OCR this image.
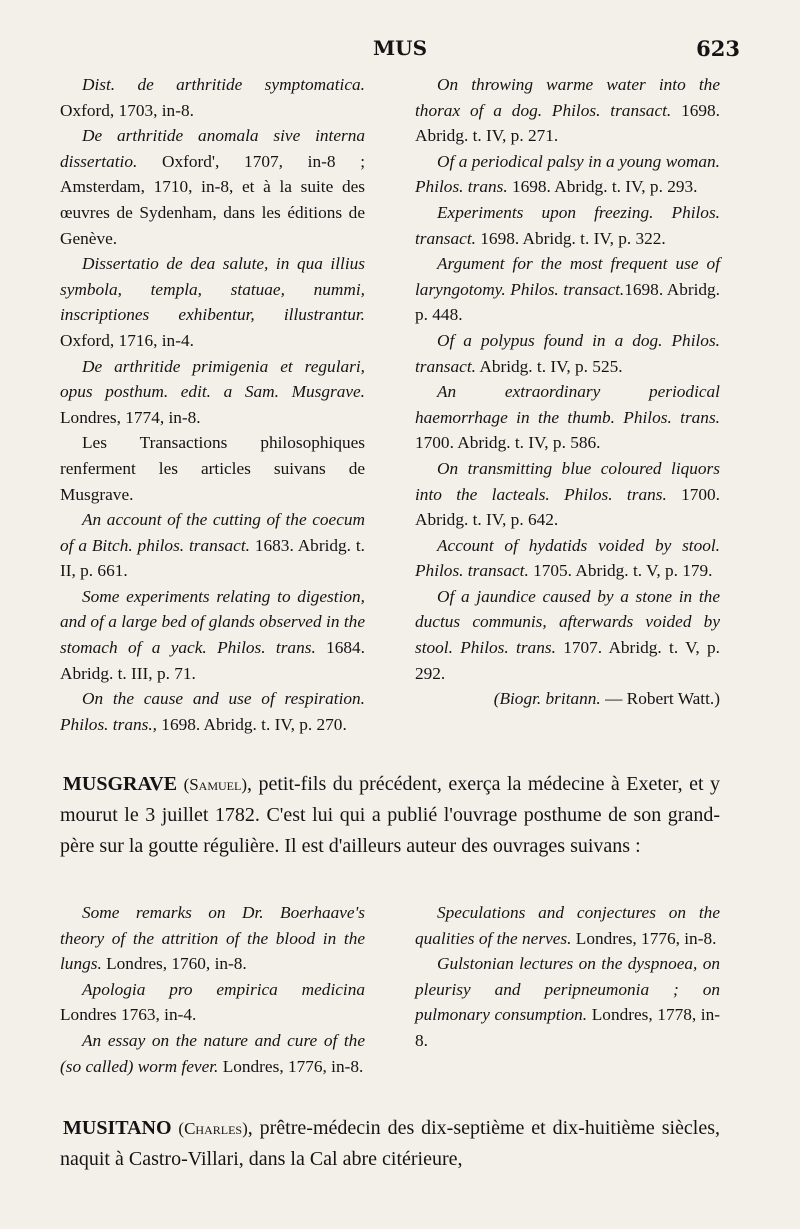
MUS	623

Dist. de arthritide symptomatica. Oxford, 1703, in-8.

De arthritide anomala sive interna dissertatio. Oxford', 1707, in-8 ; Amsterdam, 1710, in-8, et à la suite des œuvres de Sydenham, dans les éditions de Genève.

Dissertatio de dea salute, in qua illius symbola, templa, statuae, nummi, inscriptiones exhibentur, illustrantur. Oxford, 1716, in-4.

De arthritide primigenia et regulari, opus posthum. edit. a Sam. Musgrave. Londres, 1774, in-8.

Les Transactions philosophiques renferment les articles suivans de Musgrave.

An account of the cutting of the coecum of a Bitch. philos. transact. 1683. Abridg. t. II, p. 661.

Some experiments relating to digestion, and of a large bed of glands observed in the stomach of a yack. Philos. trans. 1684. Abridg. t. III, p. 71.

On the cause and use of respiration. Philos. trans., 1698. Abridg. t. IV, p. 270.

On throwing warme water into the thorax of a dog. Philos. transact. 1698. Abridg. t. IV, p. 271.

Of a periodical palsy in a young woman. Philos. trans. 1698. Abridg. t. IV, p. 293.

Experiments upon freezing. Philos. transact. 1698. Abridg. t. IV, p. 322.

Argument for the most frequent use of laryngotomy. Philos. transact.1698. Abridg. p. 448.

Of a polypus found in a dog. Philos. transact. Abridg. t. IV, p. 525.

An extraordinary periodical haemorrhage in the thumb. Philos. trans. 1700. Abridg. t. IV, p. 586.

On transmitting blue coloured liquors into the lacteals. Philos. trans. 1700. Abridg. t. IV, p. 642.

Account of hydatids voided by stool. Philos. transact. 1705. Abridg. t. V, p. 179.

Of a jaundice caused by a stone in the ductus communis, afterwards voided by stool. Philos. trans. 1707. Abridg. t. V, p. 292.

(Biogr. britann. — Robert Watt.)

MUSGRAVE (Samuel), petit-fils du précédent, exerça la médecine à Exeter, et y mourut le 3 juillet 1782. C'est lui qui a publié l'ouvrage posthume de son grand-père sur la goutte régulière. Il est d'ailleurs auteur des ouvrages suivans :

Some remarks on Dr. Boerhaave's theory of the attrition of the blood in the lungs. Londres, 1760, in-8.

Apologia pro empirica medicina Londres 1763, in-4.

An essay on the nature and cure of the (so called) worm fever. Londres, 1776, in-8.

Speculations and conjectures on the qualities of the nerves. Londres, 1776, in-8.

Gulstonian lectures on the dyspnoea, on pleurisy and peripneumonia ; on pulmonary consumption. Londres, 1778, in-8.

MUSITANO (Charles), prêtre-médecin des dix-septième et dix-huitième siècles, naquit à Castro-Villari, dans la Cal abre citérieure,
